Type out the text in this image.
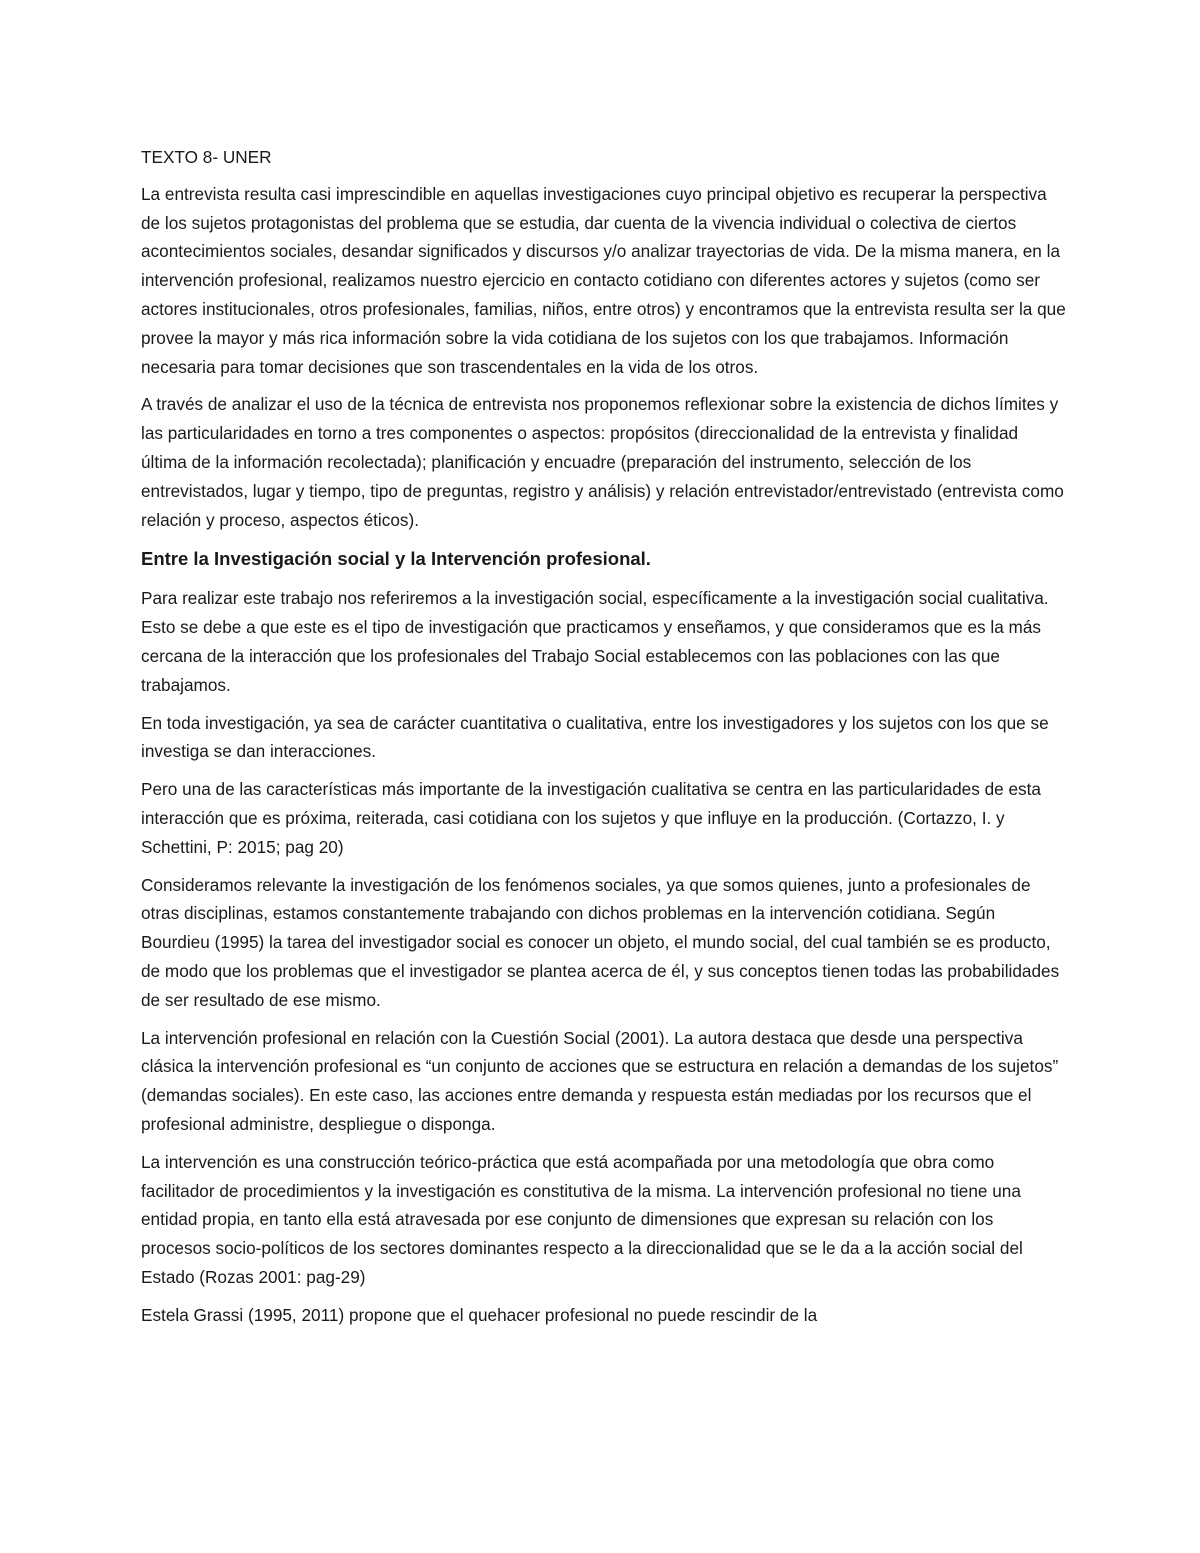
TEXTO 8- UNER

La entrevista resulta casi imprescindible en aquellas investigaciones cuyo principal objetivo es recuperar la perspectiva de los sujetos protagonistas del problema que se estudia, dar cuenta de la vivencia individual o colectiva de ciertos acontecimientos sociales, desandar significados y discursos y/o analizar trayectorias de vida. De la misma manera, en la intervención profesional, realizamos nuestro ejercicio en contacto cotidiano con diferentes actores y sujetos (como ser actores institucionales, otros profesionales, familias, niños, entre otros) y encontramos que la entrevista resulta ser la que provee la mayor y más rica información sobre la vida cotidiana de los sujetos con los que trabajamos. Información necesaria para tomar decisiones que son trascendentales en la vida de los otros.

A través de analizar el uso de la técnica de entrevista nos proponemos reflexionar sobre la existencia de dichos límites y las particularidades en torno a tres componentes o aspectos: propósitos (direccionalidad de la entrevista y finalidad última de la información recolectada); planificación y encuadre (preparación del instrumento, selección de los entrevistados, lugar y tiempo, tipo de preguntas, registro y análisis) y relación entrevistador/entrevistado (entrevista como relación y proceso, aspectos éticos).

Entre la Investigación social y la Intervención profesional.

Para realizar este trabajo nos referiremos a la investigación social, específicamente a la investigación social cualitativa. Esto se debe a que este es el tipo de investigación que practicamos y enseñamos, y que consideramos que es la más cercana de la interacción que los profesionales del Trabajo Social establecemos con las poblaciones con las que trabajamos.

En toda investigación, ya sea de carácter cuantitativa o cualitativa, entre los investigadores y los sujetos con los que se investiga se dan interacciones.

Pero una de las características más importante de la investigación cualitativa se centra en las particularidades de esta interacción que es próxima, reiterada, casi cotidiana con los sujetos y que influye en la producción. (Cortazzo, I. y Schettini, P: 2015; pag 20)

Consideramos relevante la investigación de los fenómenos sociales, ya que somos quienes, junto a profesionales de otras disciplinas, estamos constantemente trabajando con dichos problemas en la intervención cotidiana. Según Bourdieu (1995) la tarea del investigador social es conocer un objeto, el mundo social, del cual también se es producto, de modo que los problemas que el investigador se plantea acerca de él, y sus conceptos tienen todas las probabilidades de ser resultado de ese mismo.

La intervención profesional en relación con la Cuestión Social (2001). La autora destaca que desde una perspectiva clásica la intervención profesional es “un conjunto de acciones que se estructura en relación a demandas de los sujetos” (demandas sociales). En este caso, las acciones entre demanda y respuesta están mediadas por los recursos que el profesional administre, despliegue o disponga.

La intervención es una construcción teórico-práctica que está acompañada por una metodología que obra como facilitador de procedimientos y la investigación es constitutiva de la misma. La intervención profesional no tiene una entidad propia, en tanto ella está atravesada por ese conjunto de dimensiones que expresan su relación con los procesos socio-políticos de los sectores dominantes respecto a la direccionalidad que se le da a la acción social del Estado (Rozas 2001: pag-29)

Estela Grassi (1995, 2011) propone que el quehacer profesional no puede rescindir de la
